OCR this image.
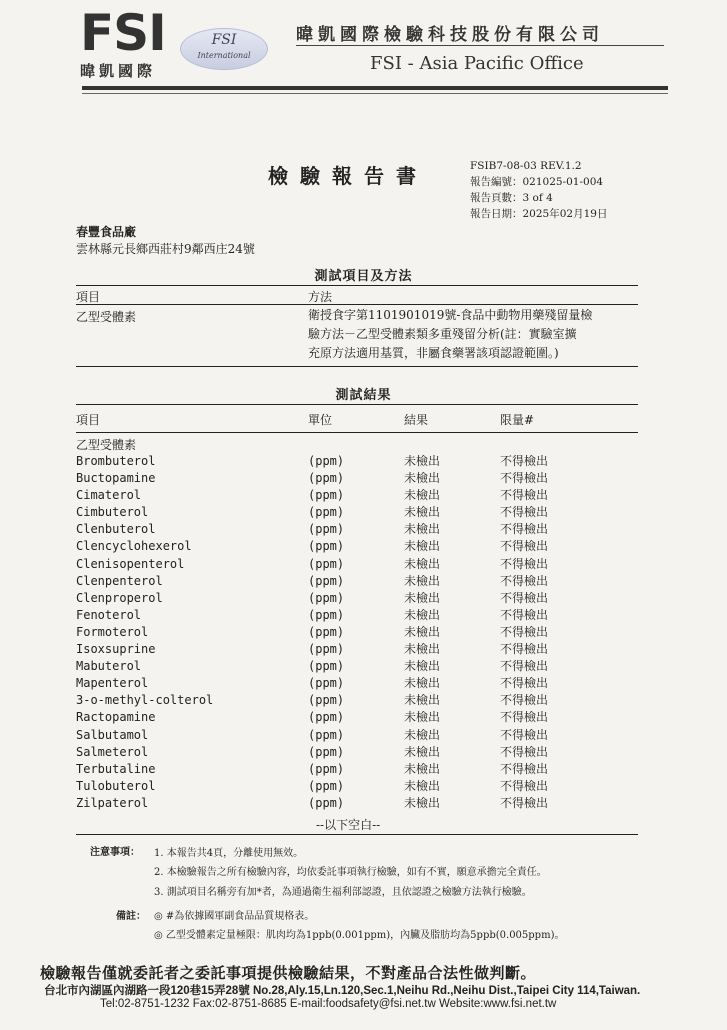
FSI
暐凱國際
FSI
International
暐凱國際檢驗科技股份有限公司
FSI - Asia Pacific Office
檢驗報告書	FSIB7-08-03 REV.1.2
報告編號：021025-01-004
報告頁數：3 of 4
報告日期：2025年02月19日
春豐食品廠
雲林縣元長鄉西莊村9鄰西庄24號
測試項目及方法
項目	方法
乙型受體素	衛授食字第1101901019號-食品中動物用藥殘留量檢
驗方法－乙型受體素類多重殘留分析(註：實驗室擴
充原方法適用基質，非屬食藥署該項認證範圍。)
測試結果
項目	單位	結果	限量#
乙型受體素
Brombuterol	(ppm)	未檢出	不得檢出
Buctopamine	(ppm)	未檢出	不得檢出
Cimaterol	(ppm)	未檢出	不得檢出
Cimbuterol	(ppm)	未檢出	不得檢出
Clenbuterol	(ppm)	未檢出	不得檢出
Clencyclohexerol	(ppm)	未檢出	不得檢出
Clenisopenterol	(ppm)	未檢出	不得檢出
Clenpenterol	(ppm)	未檢出	不得檢出
Clenproperol	(ppm)	未檢出	不得檢出
Fenoterol	(ppm)	未檢出	不得檢出
Formoterol	(ppm)	未檢出	不得檢出
Isoxsuprine	(ppm)	未檢出	不得檢出
Mabuterol	(ppm)	未檢出	不得檢出
Mapenterol	(ppm)	未檢出	不得檢出
3-o-methyl-colterol	(ppm)	未檢出	不得檢出
Ractopamine	(ppm)	未檢出	不得檢出
Salbutamol	(ppm)	未檢出	不得檢出
Salmeterol	(ppm)	未檢出	不得檢出
Terbutaline	(ppm)	未檢出	不得檢出
Tulobuterol	(ppm)	未檢出	不得檢出
Zilpaterol	(ppm)	未檢出	不得檢出
--以下空白--
注意事項： 1. 本報告共4頁，分離使用無效。
2. 本檢驗報告之所有檢驗內容，均依委託事項執行檢驗，如有不實，願意承擔完全責任。
3. 測試項目名稱旁有加*者，為通過衛生福利部認證，且依認證之檢驗方法執行檢驗。
備註： ◎ #為依據國軍副食品品質規格表。
◎ 乙型受體素定量極限：肌肉均為1ppb(0.001ppm)，內臟及脂肪均為5ppb(0.005ppm)。
檢驗報告僅就委託者之委託事項提供檢驗結果，不對產品合法性做判斷。
台北市內湖區內湖路一段120巷15弄28號 No.28,Aly.15,Ln.120,Sec.1,Neihu Rd.,Neihu Dist.,Taipei City 114,Taiwan.
Tel:02-8751-1232 Fax:02-8751-8685 E-mail:foodsafety@fsi.net.tw Website:www.fsi.net.tw
